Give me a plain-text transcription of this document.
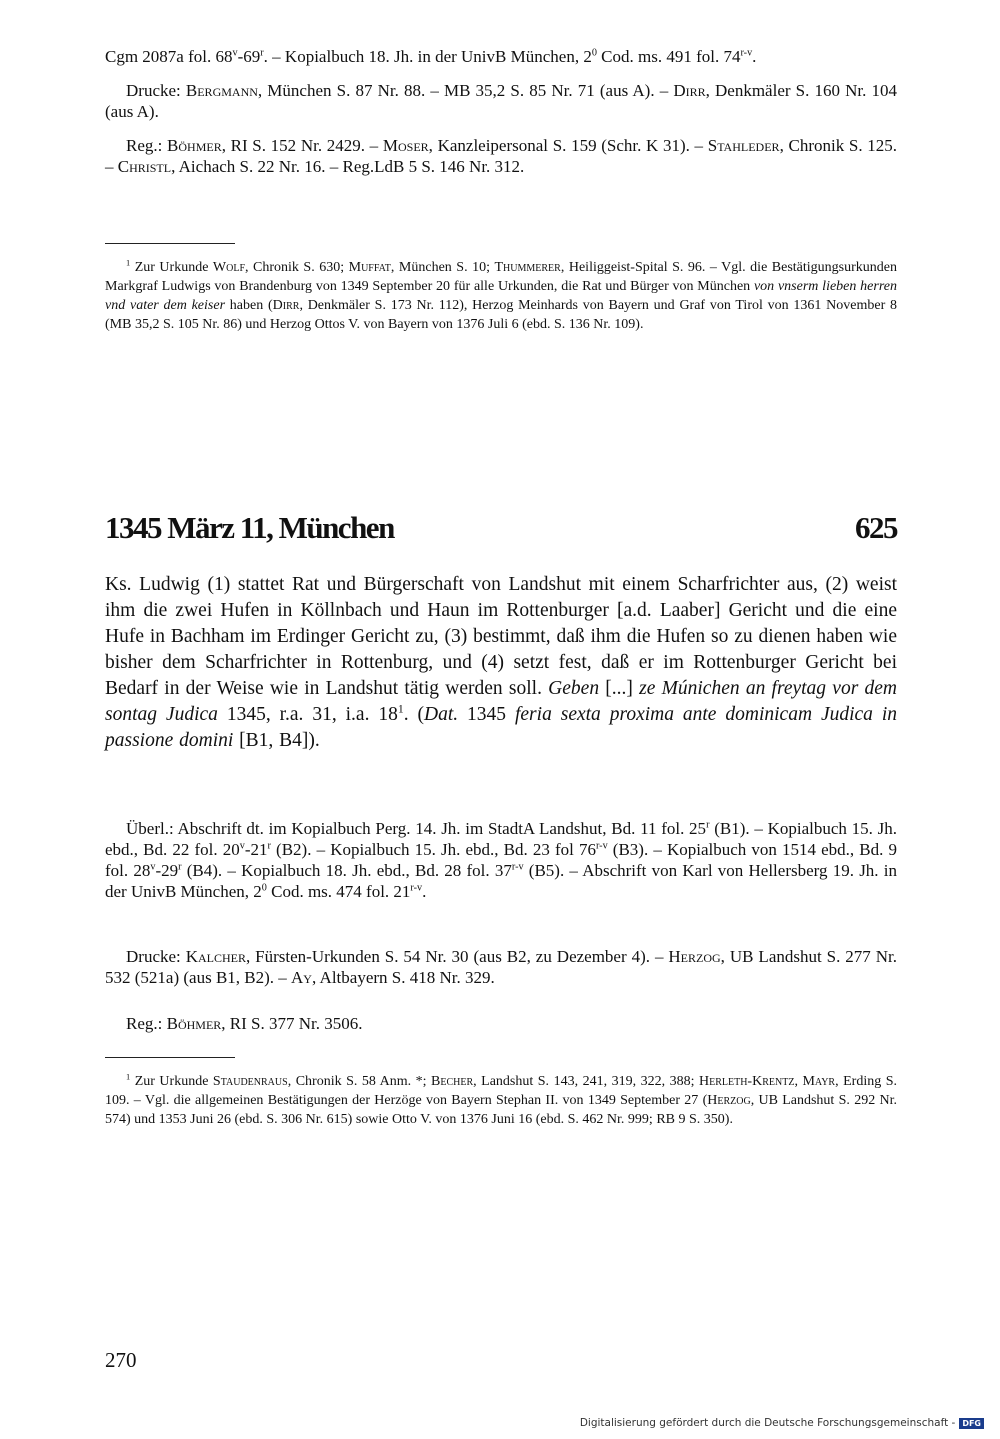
Cgm 2087a fol. 68$^v$-69$^r$. – Kopialbuch 18. Jh. in der UnivB München, $2^0$ Cod. ms. 491 fol. 74$^{r-v}$.
Drucke: Bergmann, München S. 87 Nr. 88. – MB 35,2 S. 85 Nr. 71 (aus A). – Dirr, Denkmäler S. 160 Nr. 104 (aus A).
Reg.: Böhmer, RI S. 152 Nr. 2429. – Moser, Kanzleipersonal S. 159 (Schr. K 31). – Stahleder, Chronik S. 125. – Christl, Aichach S. 22 Nr. 16. – Reg.LdB 5 S. 146 Nr. 312.
$^1$ Zur Urkunde Wolf, Chronik S. 630; Muffat, München S. 10; Thummerer, Heiliggeist-Spital S. 96. – Vgl. die Bestätigungsurkunden Markgraf Ludwigs von Brandenburg von 1349 September 20 für alle Urkunden, die Rat und Bürger von München von vnserm lieben herren vnd vater dem keiser haben (Dirr, Denkmäler S. 173 Nr. 112), Herzog Meinhards von Bayern und Graf von Tirol von 1361 November 8 (MB 35,2 S. 105 Nr. 86) und Herzog Ottos V. von Bayern von 1376 Juli 6 (ebd. S. 136 Nr. 109).
1345 März 11, München	625
Ks. Ludwig (1) stattet Rat und Bürgerschaft von Landshut mit einem Scharfrichter aus, (2) weist ihm die zwei Hufen in Köllnbach und Haun im Rottenburger [a.d. Laaber] Gericht und die eine Hufe in Bachham im Erdinger Gericht zu, (3) bestimmt, daß ihm die Hufen so zu dienen haben wie bisher dem Scharfrichter in Rottenburg, und (4) setzt fest, daß er im Rottenburger Gericht bei Bedarf in der Weise wie in Landshut tätig werden soll. Geben [...] ze Múnichen an freytag vor dem sontag Judica 1345, r.a. 31, i.a. $18^1$. (Dat. 1345 feria sexta proxima ante dominicam Judica in passione domini [B1, B4]).
Überl.: Abschrift dt. im Kopialbuch Perg. 14. Jh. im StadtA Landshut, Bd. 11 fol. 25$^r$ (B1). – Kopialbuch 15. Jh. ebd., Bd. 22 fol. 20$^v$-21$^r$ (B2). – Kopialbuch 15. Jh. ebd., Bd. 23 fol 76$^{r-v}$ (B3). – Kopialbuch von 1514 ebd., Bd. 9 fol. 28$^v$-29$^r$ (B4). – Kopialbuch 18. Jh. ebd., Bd. 28 fol. 37$^{r-v}$ (B5). – Abschrift von Karl von Hellersberg 19. Jh. in der UnivB München, $2^0$ Cod. ms. 474 fol. 21$^{r-v}$.
Drucke: Kalcher, Fürsten-Urkunden S. 54 Nr. 30 (aus B2, zu Dezember 4). – Herzog, UB Landshut S. 277 Nr. 532 (521a) (aus B1, B2). – Ay, Altbayern S. 418 Nr. 329.
Reg.: Böhmer, RI S. 377 Nr. 3506.
$^1$ Zur Urkunde Staudenraus, Chronik S. 58 Anm. *; Becher, Landshut S. 143, 241, 319, 322, 388; Herleth-Krentz, Mayr, Erding S. 109. – Vgl. die allgemeinen Bestätigungen der Herzöge von Bayern Stephan II. von 1349 September 27 (Herzog, UB Landshut S. 292 Nr. 574) und 1353 Juni 26 (ebd. S. 306 Nr. 615) sowie Otto V. von 1376 Juni 16 (ebd. S. 462 Nr. 999; RB 9 S. 350).
270
Digitalisierung gefördert durch die Deutsche Forschungsgemeinschaft - DFG
